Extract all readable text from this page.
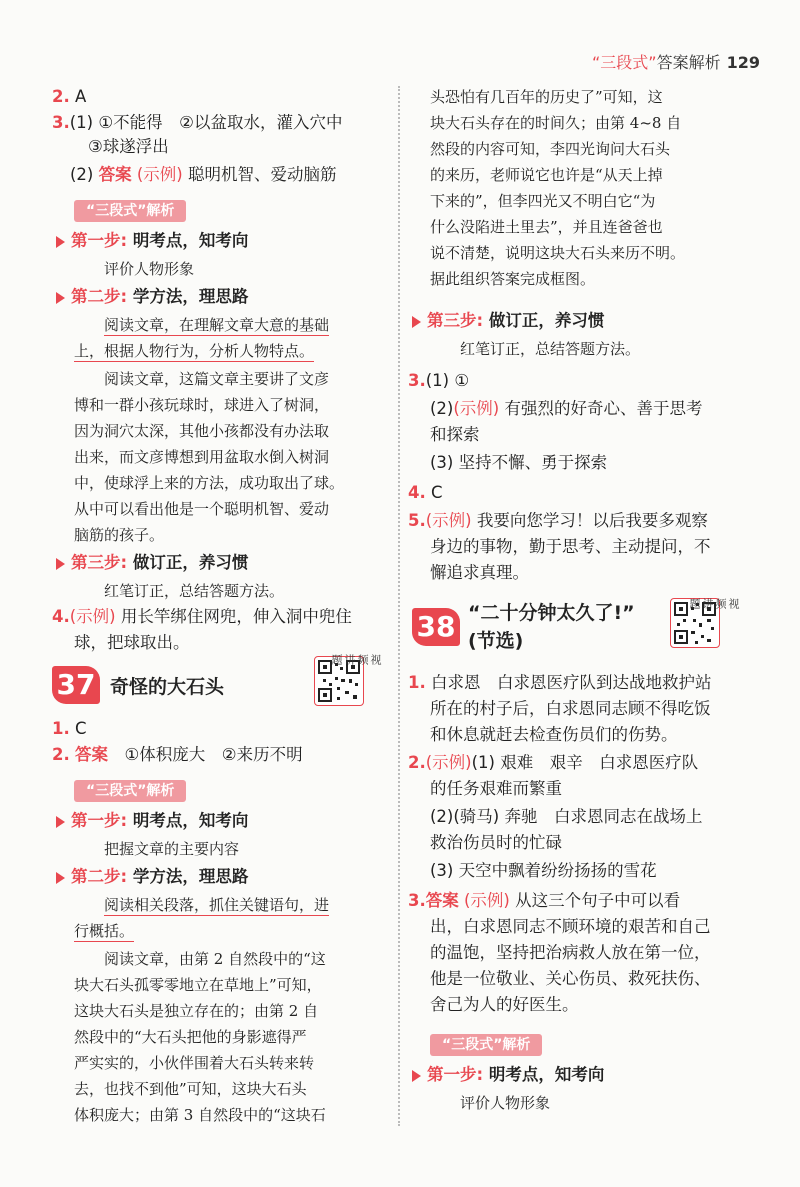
“三段式”答案解析 129
2. A
3.(1) ①不能得　②以盆取水，灌入穴中
③球遂浮出
(2) 答案 (示例) 聪明机智、爱动脑筋
“三段式”解析
第一步: 明考点，知考向
评价人物形象
第二步: 学方法，理思路
阅读文章，在理解文章大意的基础
上，根据人物行为，分析人物特点。
阅读文章，这篇文章主要讲了文彦
博和一群小孩玩球时，球进入了树洞，
因为洞穴太深，其他小孩都没有办法取
出来，而文彦博想到用盆取水倒入树洞
中，使球浮上来的方法，成功取出了球。
从中可以看出他是一个聪明机智、爱动
脑筋的孩子。
第三步: 做订正，养习惯
红笔订正，总结答题方法。
4.(示例) 用长竿绑住网兜，伸入洞中兜住
球，把球取出。
37 奇怪的大石头
视频讲题
1. C
2. 答案　 ①体积庞大　②来历不明
“三段式”解析
第一步: 明考点，知考向
把握文章的主要内容
第二步: 学方法，理思路
阅读相关段落，抓住关键语句，进
行概括。
阅读文章，由第 2 自然段中的“这
块大石头孤零零地立在草地上”可知，
这块大石头是独立存在的；由第 2 自
然段中的“大石头把他的身影遮得严
严实实的，小伙伴围着大石头转来转
去，也找不到他”可知，这块大石头
体积庞大；由第 3 自然段中的“这块石
头恐怕有几百年的历史了”可知，这
块大石头存在的时间久；由第 4~8 自
然段的内容可知，李四光询问大石头
的来历，老师说它也许是“从天上掉
下来的”，但李四光又不明白它“为
什么没陷进土里去”，并且连爸爸也
说不清楚，说明这块大石头来历不明。
据此组织答案完成框图。
第三步: 做订正，养习惯
红笔订正，总结答题方法。
3.(1) ①
(2)(示例) 有强烈的好奇心、善于思考
和探索
(3) 坚持不懈、勇于探索
4. C
5.(示例) 我要向您学习！以后我要多观察
身边的事物，勤于思考、主动提问，不
懈追求真理。
38 “二十分钟太久了!”
(节选)
视频讲题
1. 白求恩　白求恩医疗队到达战地救护站
所在的村子后，白求恩同志顾不得吃饭
和休息就赶去检查伤员们的伤势。
2.(示例)(1) 艰难　艰辛　白求恩医疗队
的任务艰难而繁重
(2)(骑马) 奔驰　白求恩同志在战场上
救治伤员时的忙碌
(3) 天空中飘着纷纷扬扬的雪花
3.答案 (示例) 从这三个句子中可以看
出，白求恩同志不顾环境的艰苦和自己
的温饱，坚持把治病救人放在第一位，
他是一位敬业、关心伤员、救死扶伤、
舍己为人的好医生。
“三段式”解析
第一步: 明考点，知考向
评价人物形象
